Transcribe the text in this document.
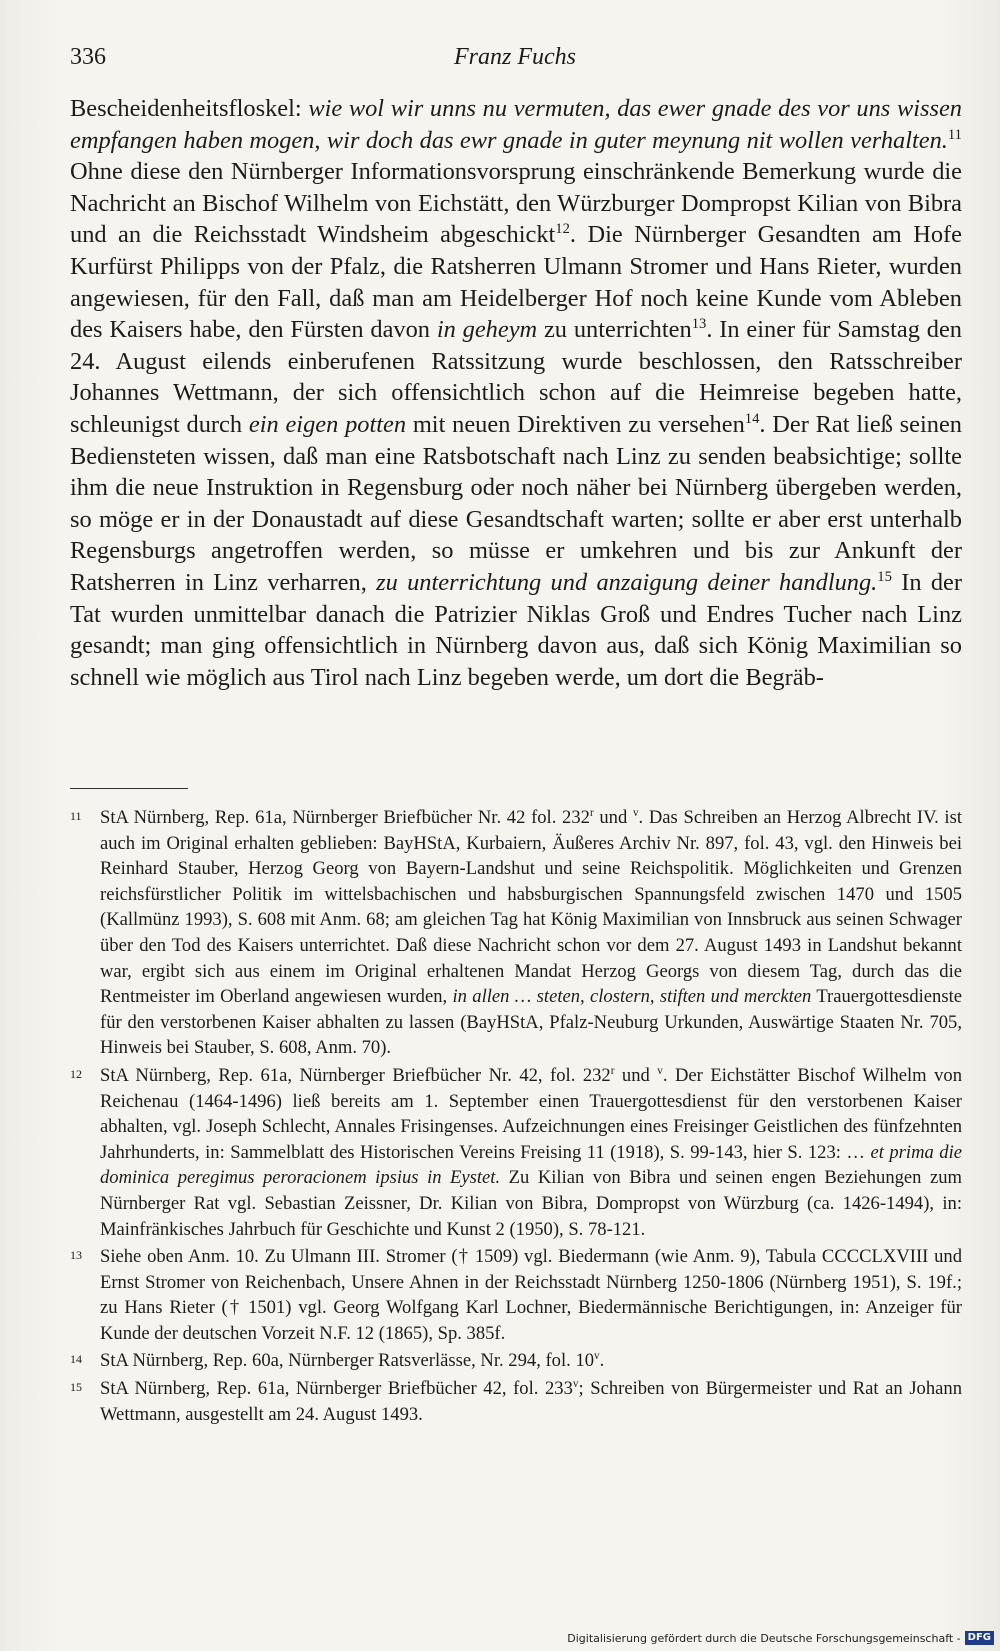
336	Franz Fuchs

Bescheidenheitsfloskel: wie wol wir unns nu vermuten, das ewer gnade des vor uns wissen empfangen haben mogen, wir doch das ewr gnade in guter meynung nit wollen verhalten.$^{11}$ Ohne diese den Nürnberger Informationsvorsprung einschränkende Bemerkung wurde die Nachricht an Bischof Wilhelm von Eichstätt, den Würzburger Dompropst Kilian von Bibra und an die Reichsstadt Windsheim abgeschickt$^{12}$. Die Nürnberger Gesandten am Hofe Kurfürst Philipps von der Pfalz, die Ratsherren Ulmann Stromer und Hans Rieter, wurden angewiesen, für den Fall, daß man am Heidelberger Hof noch keine Kunde vom Ableben des Kaisers habe, den Fürsten davon in geheym zu unterrichten$^{13}$. In einer für Samstag den 24. August eilends einberufenen Ratssitzung wurde beschlossen, den Ratsschreiber Johannes Wettmann, der sich offensichtlich schon auf die Heimreise begeben hatte, schleunigst durch ein eigen potten mit neuen Direktiven zu versehen$^{14}$. Der Rat ließ seinen Bediensteten wissen, daß man eine Ratsbotschaft nach Linz zu senden beabsichtige; sollte ihm die neue Instruktion in Regensburg oder noch näher bei Nürnberg übergeben werden, so möge er in der Donaustadt auf diese Gesandtschaft warten; sollte er aber erst unterhalb Regensburgs angetroffen werden, so müsse er umkehren und bis zur Ankunft der Ratsherren in Linz verharren, zu unterrichtung und anzaigung deiner handlung.$^{15}$ In der Tat wurden unmittelbar danach die Patrizier Niklas Groß und Endres Tucher nach Linz gesandt; man ging offensichtlich in Nürnberg davon aus, daß sich König Maximilian so schnell wie möglich aus Tirol nach Linz begeben werde, um dort die Begräb-

11 StA Nürnberg, Rep. 61a, Nürnberger Briefbücher Nr. 42 fol. 232$^r$ und $^v$. Das Schreiben an Herzog Albrecht IV. ist auch im Original erhalten geblieben: BayHStA, Kurbaiern, Äußeres Archiv Nr. 897, fol. 43, vgl. den Hinweis bei Reinhard Stauber, Herzog Georg von Bayern-Landshut und seine Reichspolitik. Möglichkeiten und Grenzen reichsfürstlicher Politik im wittelsbachischen und habsburgischen Spannungsfeld zwischen 1470 und 1505 (Kallmünz 1993), S. 608 mit Anm. 68; am gleichen Tag hat König Maximilian von Innsbruck aus seinen Schwager über den Tod des Kaisers unterrichtet. Daß diese Nachricht schon vor dem 27. August 1493 in Landshut bekannt war, ergibt sich aus einem im Original erhaltenen Mandat Herzog Georgs von diesem Tag, durch das die Rentmeister im Oberland angewiesen wurden, in allen … steten, clostern, stiften und merckten Trauergottesdienste für den verstorbenen Kaiser abhalten zu lassen (BayHStA, Pfalz-Neuburg Urkunden, Auswärtige Staaten Nr. 705, Hinweis bei Stauber, S. 608, Anm. 70).
12 StA Nürnberg, Rep. 61a, Nürnberger Briefbücher Nr. 42, fol. 232$^r$ und $^v$. Der Eichstätter Bischof Wilhelm von Reichenau (1464-1496) ließ bereits am 1. September einen Trauergottesdienst für den verstorbenen Kaiser abhalten, vgl. Joseph Schlecht, Annales Frisingenses. Aufzeichnungen eines Freisinger Geistlichen des fünfzehnten Jahrhunderts, in: Sammelblatt des Historischen Vereins Freising 11 (1918), S. 99-143, hier S. 123: … et prima die dominica peregimus peroracionem ipsius in Eystet. Zu Kilian von Bibra und seinen engen Beziehungen zum Nürnberger Rat vgl. Sebastian Zeissner, Dr. Kilian von Bibra, Dompropst von Würzburg (ca. 1426-1494), in: Mainfränkisches Jahrbuch für Geschichte und Kunst 2 (1950), S. 78-121.
13 Siehe oben Anm. 10. Zu Ulmann III. Stromer († 1509) vgl. Biedermann (wie Anm. 9), Tabula CCCCLXVIII und Ernst Stromer von Reichenbach, Unsere Ahnen in der Reichsstadt Nürnberg 1250-1806 (Nürnberg 1951), S. 19f.; zu Hans Rieter († 1501) vgl. Georg Wolfgang Karl Lochner, Biedermännische Berichtigungen, in: Anzeiger für Kunde der deutschen Vorzeit N.F. 12 (1865), Sp. 385f.
14 StA Nürnberg, Rep. 60a, Nürnberger Ratsverlässe, Nr. 294, fol. 10$^v$.
15 StA Nürnberg, Rep. 61a, Nürnberger Briefbücher 42, fol. 233$^v$; Schreiben von Bürgermeister und Rat an Johann Wettmann, ausgestellt am 24. August 1493.
Digitalisierung gefördert durch die Deutsche Forschungsgemeinschaft - DFG
